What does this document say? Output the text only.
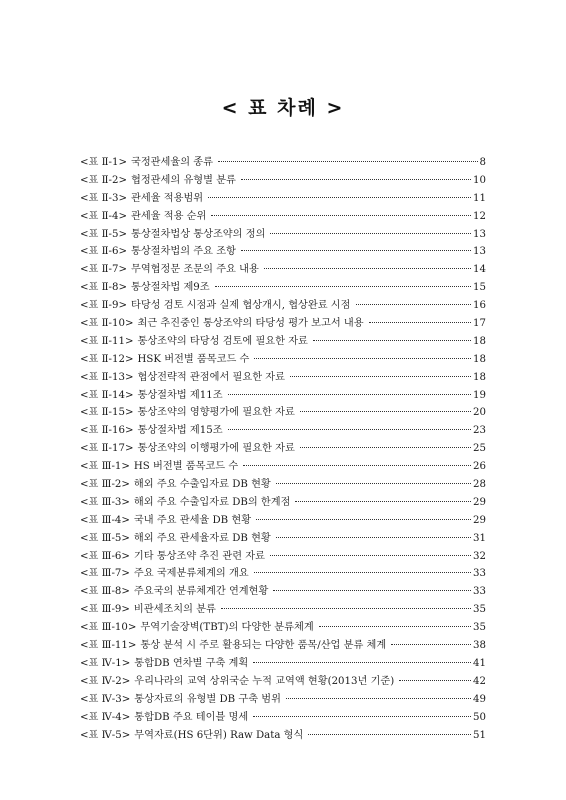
< 표 차례 >
<표 Ⅱ-1> 국정관세율의 종류	8
<표 Ⅱ-2> 협정관세의 유형별 분류	10
<표 Ⅱ-3> 관세율 적용범위	11
<표 Ⅱ-4> 관세율 적용 순위	12
<표 Ⅱ-5> 통상절차법상 통상조약의 정의	13
<표 Ⅱ-6> 통상절차법의 주요 조항	13
<표 Ⅱ-7> 무역협정문 조문의 주요 내용	14
<표 Ⅱ-8> 통상절차법 제9조	15
<표 Ⅱ-9> 타당성 검토 시점과 실제 협상개시, 협상완료 시점	16
<표 Ⅱ-10> 최근 추진중인 통상조약의 타당성 평가 보고서 내용	17
<표 Ⅱ-11> 통상조약의 타당성 검토에 필요한 자료	18
<표 Ⅱ-12> HSK 버전별 품목코드 수	18
<표 Ⅱ-13> 협상전략적 관점에서 필요한 자료	18
<표 Ⅱ-14> 통상절차법 제11조	19
<표 Ⅱ-15> 통상조약의 영향평가에 필요한 자료	20
<표 Ⅱ-16> 통상절차법 제15조	23
<표 Ⅱ-17> 통상조약의 이행평가에 필요한 자료	25
<표 Ⅲ-1> HS 버전별 품목코드 수	26
<표 Ⅲ-2> 해외 주요 수출입자료 DB 현황	28
<표 Ⅲ-3> 해외 주요 수출입자료 DB의 한계점	29
<표 Ⅲ-4> 국내 주요 관세율 DB 현황	29
<표 Ⅲ-5> 해외 주요 관세율자료 DB 현황	31
<표 Ⅲ-6> 기타 통상조약 추진 관련 자료	32
<표 Ⅲ-7> 주요 국제분류체계의 개요	33
<표 Ⅲ-8> 주요국의 분류체계간 연계현황	33
<표 Ⅲ-9> 비관세조치의 분류	35
<표 Ⅲ-10> 무역기술장벽(TBT)의 다양한 분류체계	35
<표 Ⅲ-11> 통상 분석 시 주로 활용되는 다양한 품목/산업 분류 체계	38
<표 Ⅳ-1> 통합DB 연차별 구축 계획	41
<표 Ⅳ-2> 우리나라의 교역 상위국순 누적 교역액 현황(2013년 기준)	42
<표 Ⅳ-3> 통상자료의 유형별 DB 구축 범위	49
<표 Ⅳ-4> 통합DB 주요 테이블 명세	50
<표 Ⅳ-5> 무역자료(HS 6단위) Raw Data 형식	51
